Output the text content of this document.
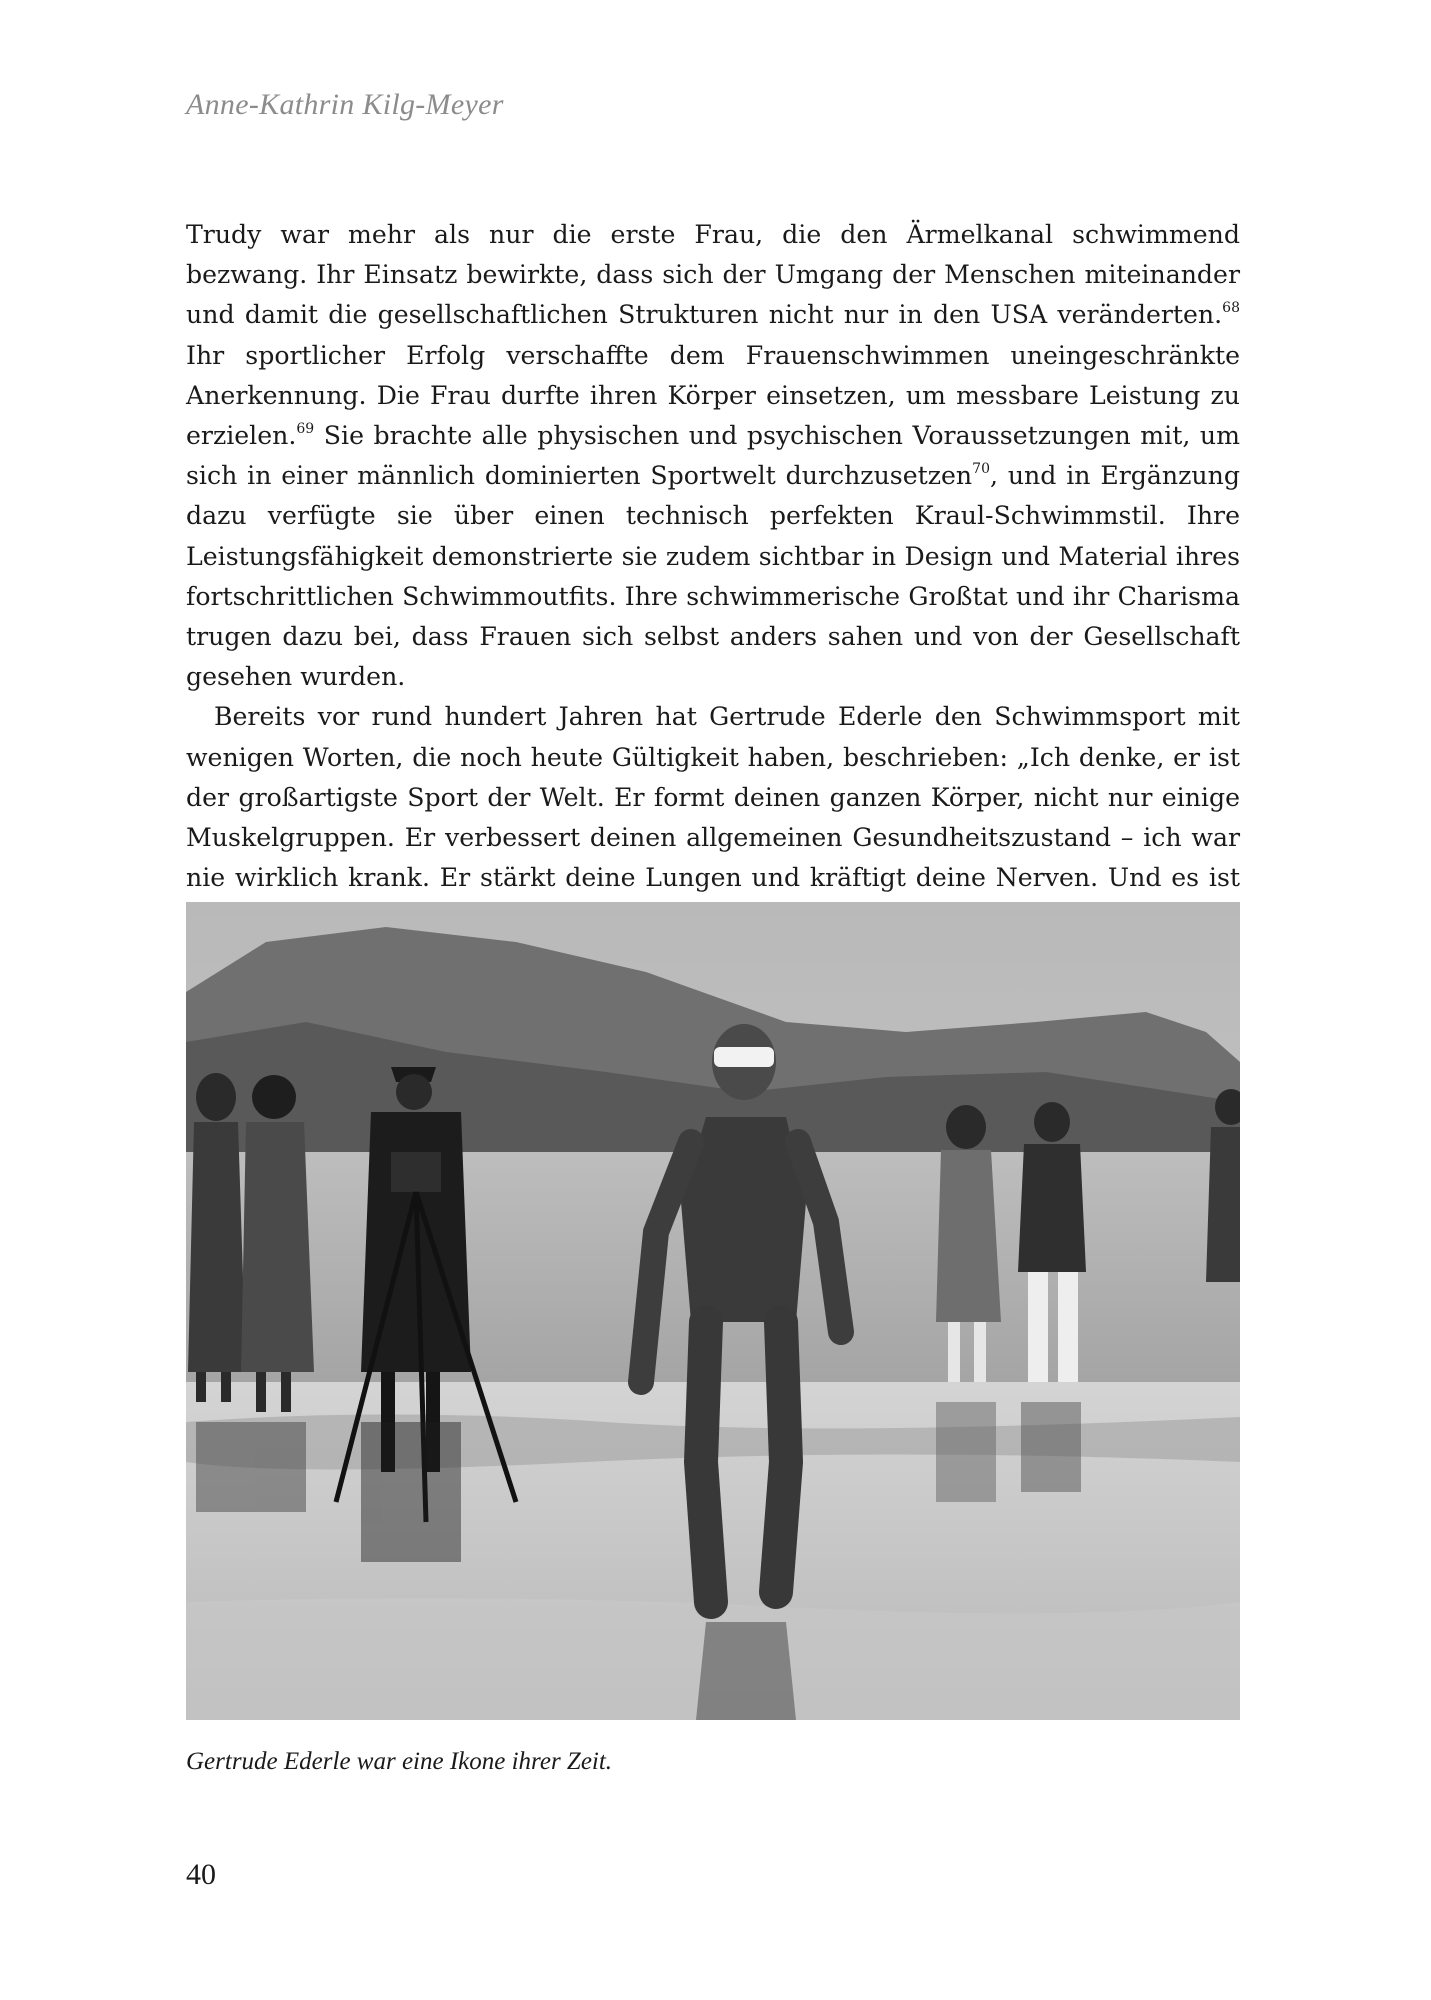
Anne-Kathrin Kilg-Meyer

Trudy war mehr als nur die erste Frau, die den Ärmelkanal schwimmend bezwang. Ihr Einsatz bewirkte, dass sich der Umgang der Menschen miteinander und damit die gesellschaftlichen Strukturen nicht nur in den USA veränderten.$^{68}$ Ihr sportlicher Erfolg verschaffte dem Frauenschwimmen uneingeschränkte Anerkennung. Die Frau durfte ihren Körper einsetzen, um messbare Leistung zu erzielen.$^{69}$ Sie brachte alle physischen und psychischen Voraussetzungen mit, um sich in einer männlich dominierten Sportwelt durchzusetzen$^{70}$, und in Ergänzung dazu verfügte sie über einen technisch perfekten Kraul-Schwimmstil. Ihre Leistungsfähigkeit demonstrierte sie zudem sichtbar in Design und Material ihres fortschrittlichen Schwimmoutfits. Ihre schwimmerische Großtat und ihr Charisma trugen dazu bei, dass Frauen sich selbst anders sahen und von der Gesellschaft gesehen wurden.

Bereits vor rund hundert Jahren hat Gertrude Ederle den Schwimmsport mit wenigen Worten, die noch heute Gültigkeit haben, beschrieben: „Ich denke, er ist der großartigste Sport der Welt. Er formt deinen ganzen Körper, nicht nur einige Muskelgruppen. Er verbessert deinen allgemeinen Gesundheitszustand – ich war nie wirklich krank. Er stärkt deine Lungen und kräftigt deine Nerven. Und es ist

Gertrude Ederle war eine Ikone ihrer Zeit.
40
